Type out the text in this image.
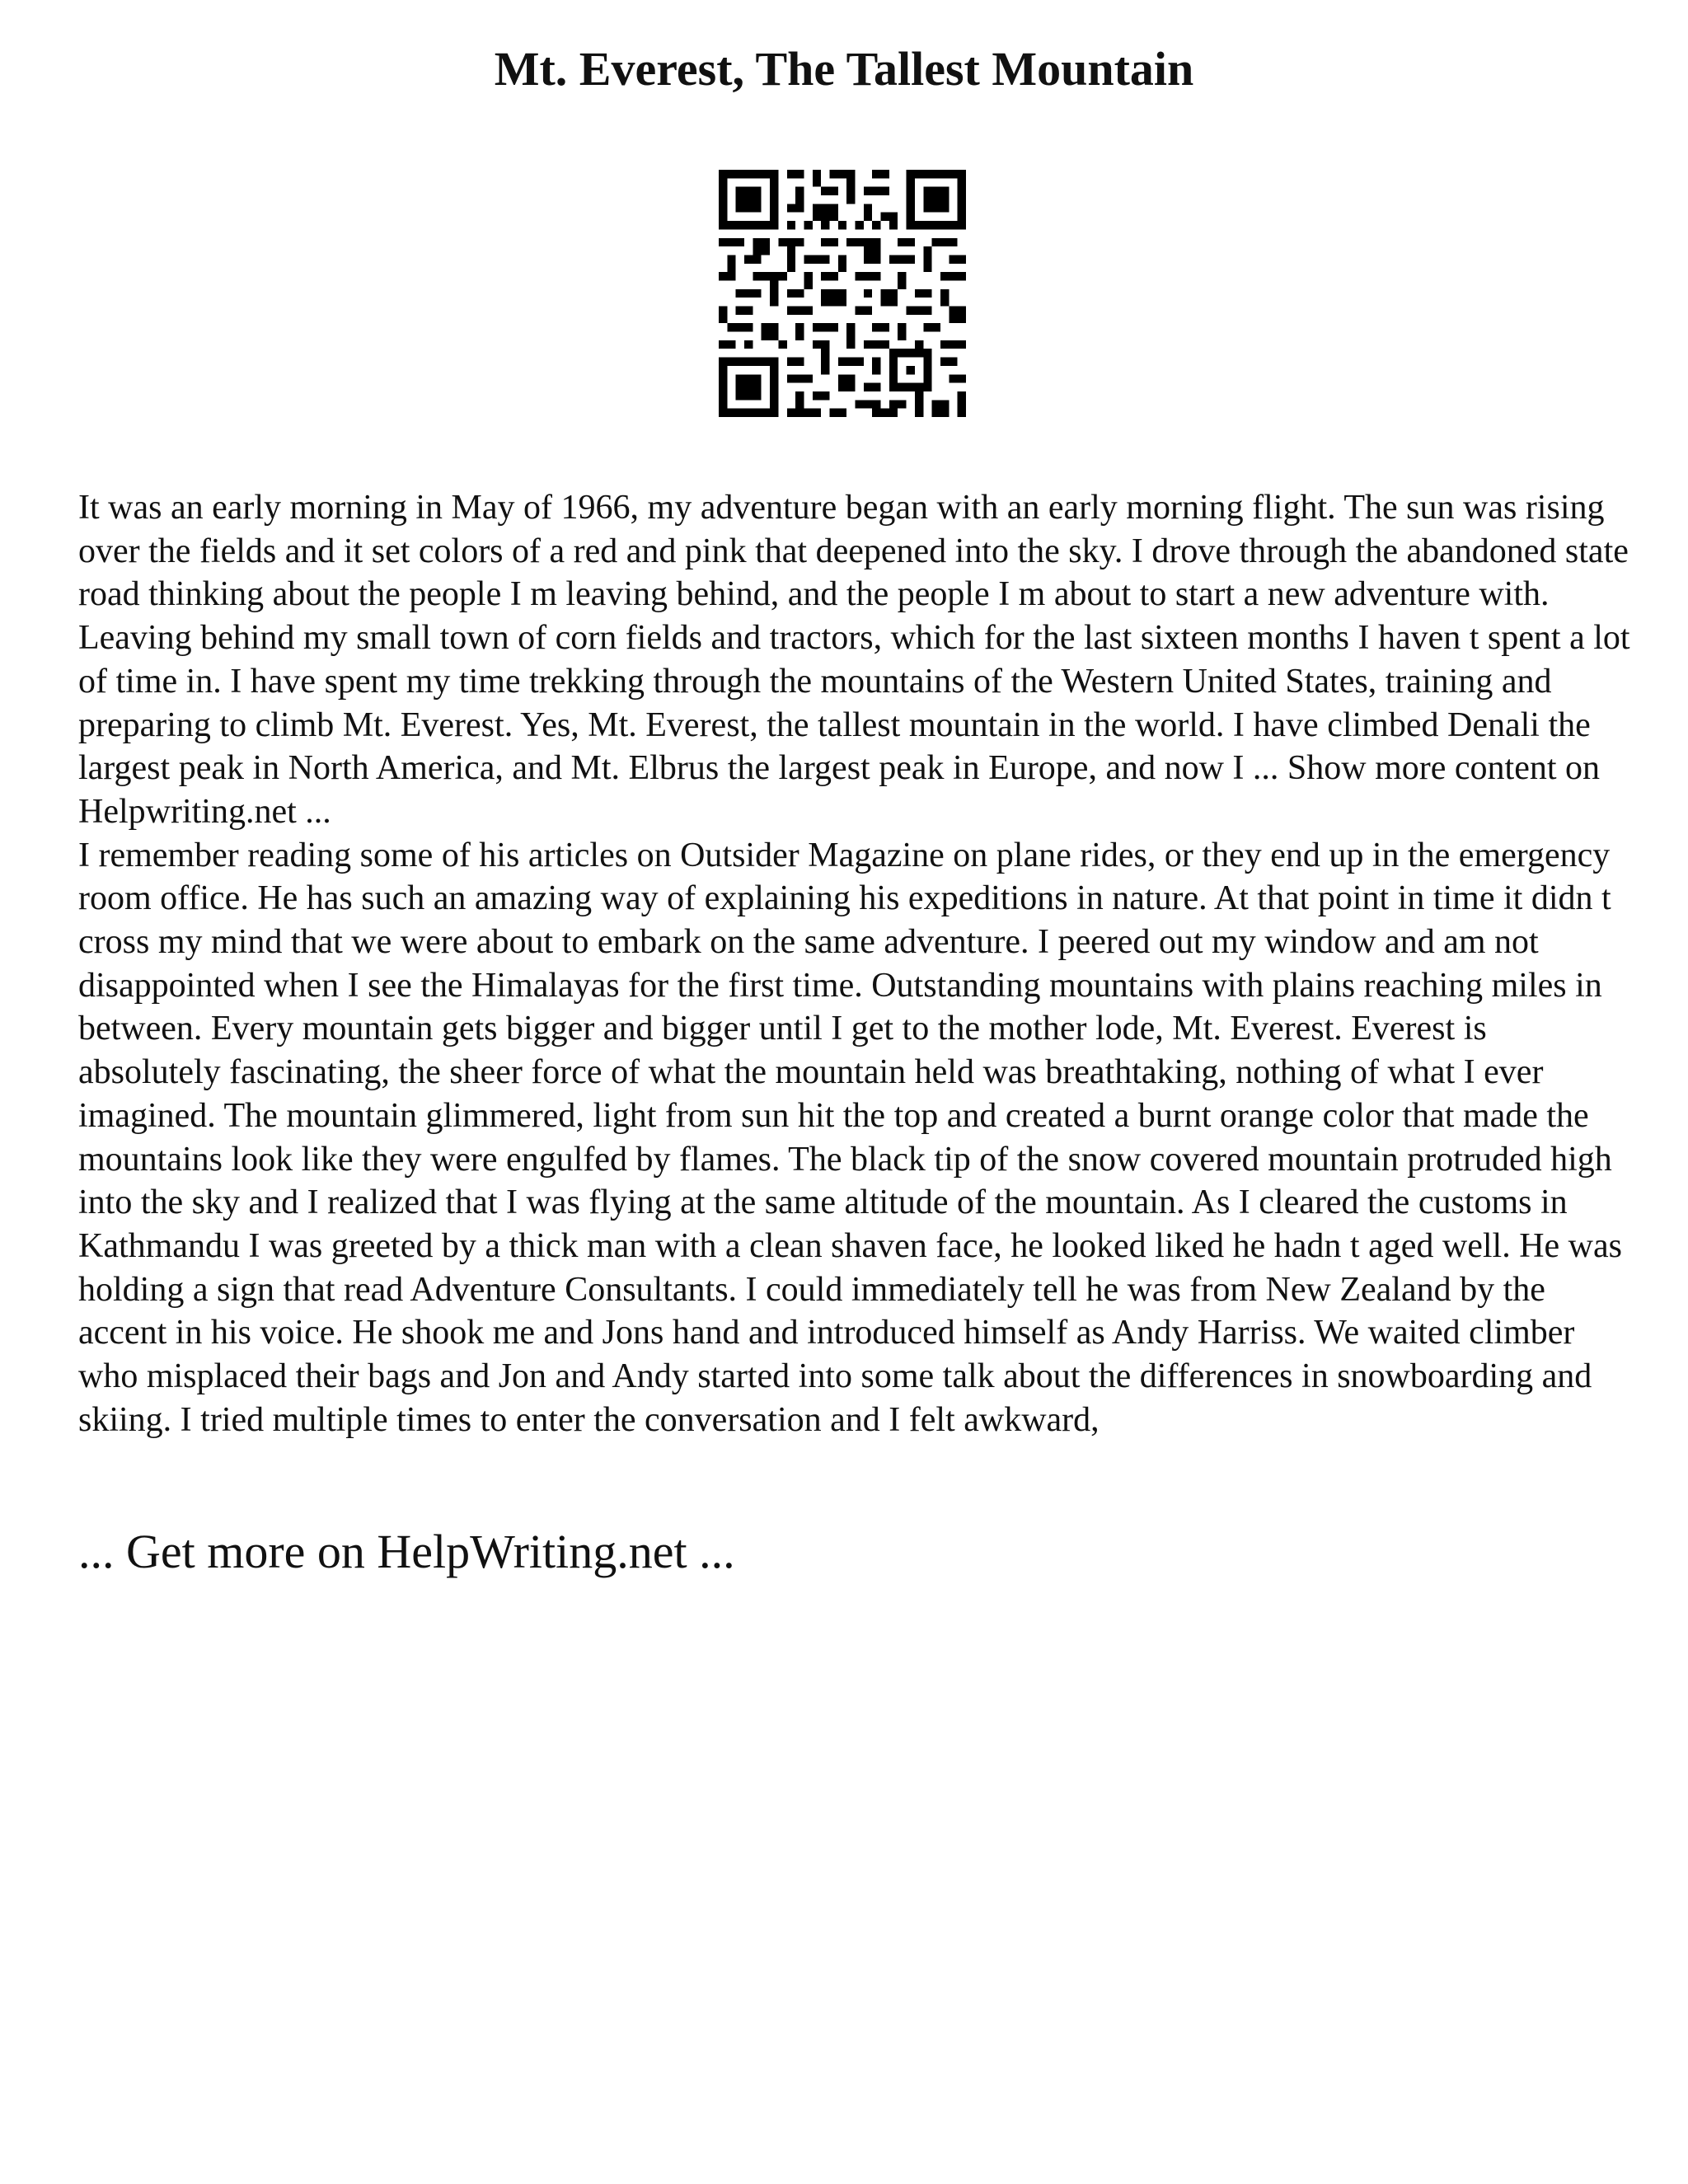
Mt. Everest, The Tallest Mountain

It was an early morning in May of 1966, my adventure began with an early morning flight. The sun was rising over the fields and it set colors of a red and pink that deepened into the sky. I drove through the abandoned state road thinking about the people I m leaving behind, and the people I m about to start a new adventure with. Leaving behind my small town of corn fields and tractors, which for the last sixteen months I haven t spent a lot of time in. I have spent my time trekking through the mountains of the Western United States, training and preparing to climb Mt. Everest. Yes, Mt. Everest, the tallest mountain in the world. I have climbed Denali the largest peak in North America, and Mt. Elbrus the largest peak in Europe, and now I ... Show more content on Helpwriting.net ...

I remember reading some of his articles on Outsider Magazine on plane rides, or they end up in the emergency room office. He has such an amazing way of explaining his expeditions in nature. At that point in time it didn t cross my mind that we were about to embark on the same adventure. I peered out my window and am not disappointed when I see the Himalayas for the first time. Outstanding mountains with plains reaching miles in between. Every mountain gets bigger and bigger until I get to the mother lode, Mt. Everest. Everest is absolutely fascinating, the sheer force of what the mountain held was breathtaking, nothing of what I ever imagined. The mountain glimmered, light from sun hit the top and created a burnt orange color that made the mountains look like they were engulfed by flames. The black tip of the snow covered mountain protruded high into the sky and I realized that I was flying at the same altitude of the mountain. As I cleared the customs in Kathmandu I was greeted by a thick man with a clean shaven face, he looked liked he hadn t aged well. He was holding a sign that read Adventure Consultants. I could immediately tell he was from New Zealand by the accent in his voice. He shook me and Jons hand and introduced himself as Andy Harriss. We waited climber who misplaced their bags and Jon and Andy started into some talk about the differences in snowboarding and skiing. I tried multiple times to enter the conversation and I felt awkward,

... Get more on HelpWriting.net ...
